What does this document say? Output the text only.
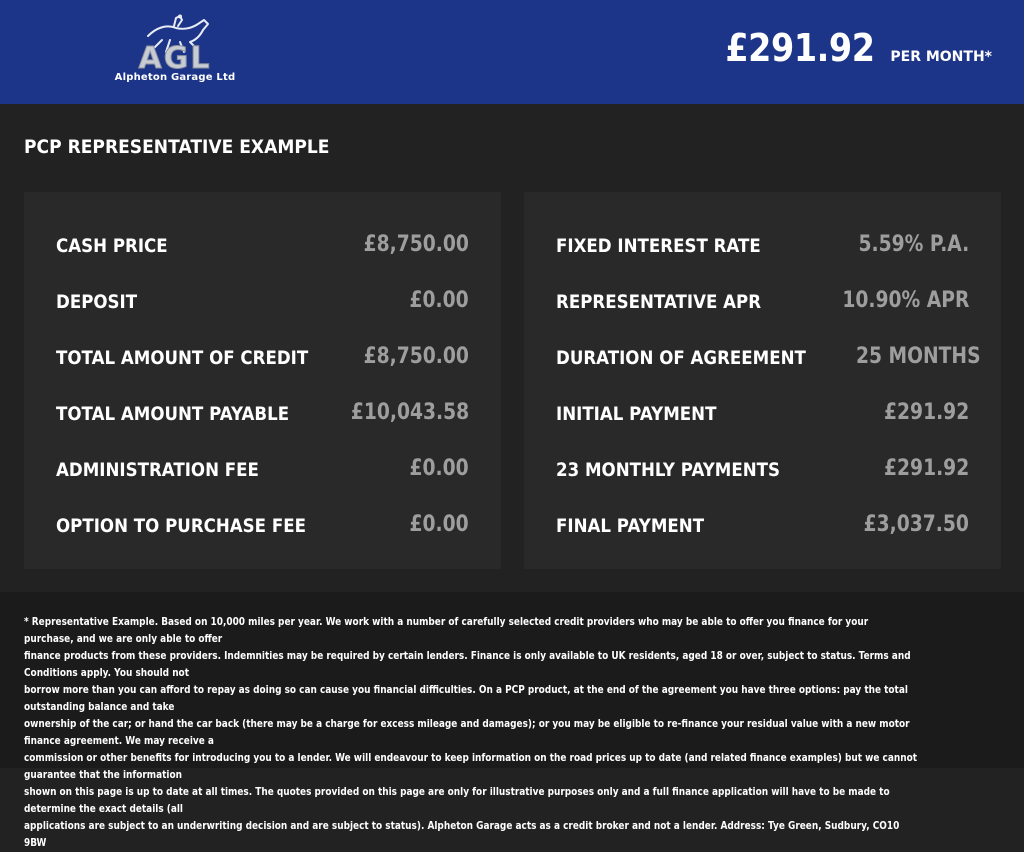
AGL
Alpheton Garage Ltd
£291.92 PER MONTH*
PCP REPRESENTATIVE EXAMPLE
CASH PRICE	£8,750.00
DEPOSIT	£0.00
TOTAL AMOUNT OF CREDIT	£8,750.00
TOTAL AMOUNT PAYABLE	£10,043.58
ADMINISTRATION FEE	£0.00
OPTION TO PURCHASE FEE	£0.00
FIXED INTEREST RATE	5.59% P.A.
REPRESENTATIVE APR	10.90% APR
DURATION OF AGREEMENT 25 MONTHS
INITIAL PAYMENT	£291.92
23 MONTHLY PAYMENTS	£291.92
FINAL PAYMENT	£3,037.50
* Representative Example. Based on 10,000 miles per year. We work with a number of carefully selected credit providers who may be able to offer you finance for your purchase, and we are only able to offer
finance products from these providers. Indemnities may be required by certain lenders. Finance is only available to UK residents, aged 18 or over, subject to status. Terms and Conditions apply. You should not
borrow more than you can afford to repay as doing so can cause you financial difficulties. On a PCP product, at the end of the agreement you have three options: pay the total outstanding balance and take
ownership of the car; or hand the car back (there may be a charge for excess mileage and damages); or you may be eligible to re-finance your residual value with a new motor finance agreement. We may receive a
commission or other benefits for introducing you to a lender. We will endeavour to keep information on the road prices up to date (and related finance examples) but we cannot guarantee that the information
shown on this page is up to date at all times. The quotes provided on this page are only for illustrative purposes only and a full finance application will have to be made to determine the exact details (all
applications are subject to an underwriting decision and are subject to status). Alpheton Garage acts as a credit broker and not a lender. Address: Tye Green, Sudbury, CO10 9BW
